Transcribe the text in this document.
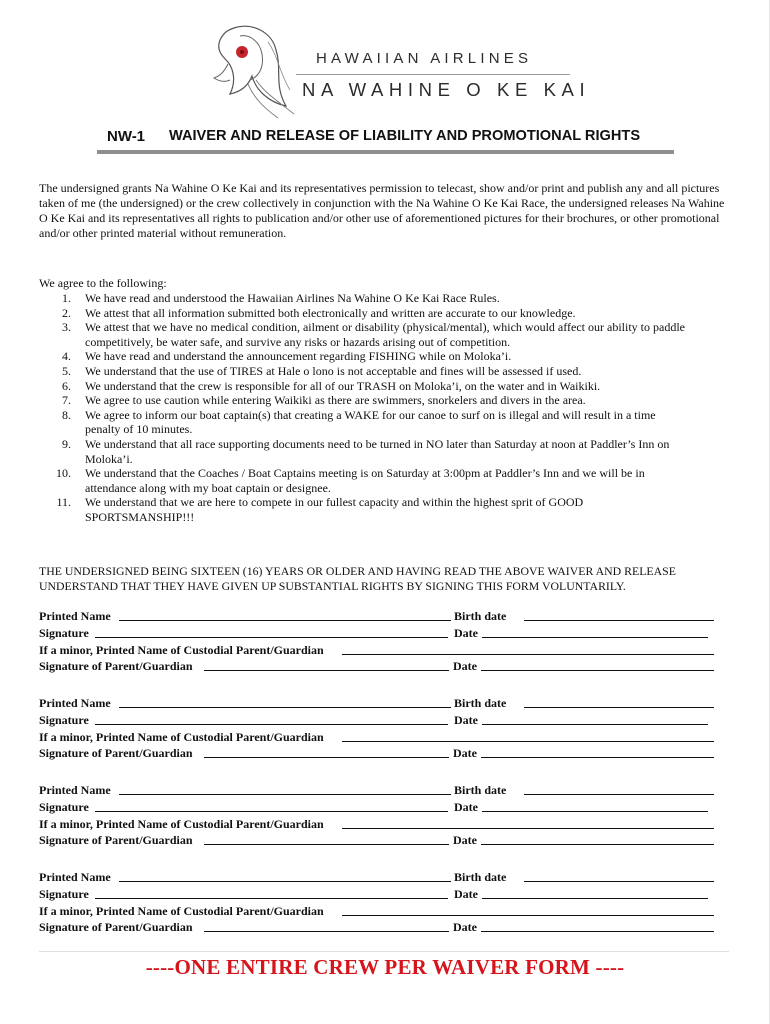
HAWAIIAN AIRLINES
NA WAHINE O KE KAI
NW-1 WAIVER AND RELEASE OF LIABILITY AND PROMOTIONAL RIGHTS
The undersigned grants Na Wahine O Ke Kai and its representatives permission to telecast, show and/or print and publish any and all pictures
taken of me (the undersigned) or the crew collectively in conjunction with the Na Wahine O Ke Kai Race, the undersigned releases Na Wahine
O Ke Kai and its representatives all rights to publication and/or other use of aforementioned pictures for their brochures, or other promotional
and/or other printed material without remuneration.
We agree to the following:
1. We have read and understood the Hawaiian Airlines Na Wahine O Ke Kai Race Rules.
2. We attest that all information submitted both electronically and written are accurate to our knowledge.
3. We attest that we have no medical condition, ailment or disability (physical/mental), which would affect our ability to paddle
competitively, be water safe, and survive any risks or hazards arising out of competition.
4. We have read and understand the announcement regarding FISHING while on Moloka’i.
5. We understand that the use of TIRES at Hale o lono is not acceptable and fines will be assessed if used.
6. We understand that the crew is responsible for all of our TRASH on Moloka’i, on the water and in Waikiki.
7. We agree to use caution while entering Waikiki as there are swimmers, snorkelers and divers in the area.
8. We agree to inform our boat captain(s) that creating a WAKE for our canoe to surf on is illegal and will result in a time
penalty of 10 minutes.
9. We understand that all race supporting documents need to be turned in NO later than Saturday at noon at Paddler’s Inn on
Moloka’i.
10. We understand that the Coaches / Boat Captains meeting is on Saturday at 3:00pm at Paddler’s Inn and we will be in
attendance along with my boat captain or designee.
11. We understand that we are here to compete in our fullest capacity and within the highest sprit of GOOD
SPORTSMANSHIP!!!
THE UNDERSIGNED BEING SIXTEEN (16) YEARS OR OLDER AND HAVING READ THE ABOVE WAIVER AND RELEASE
UNDERSTAND THAT THEY HAVE GIVEN UP SUBSTANTIAL RIGHTS BY SIGNING THIS FORM VOLUNTARILY.
Printed Name	Birth date
Signature	Date
If a minor, Printed Name of Custodial Parent/Guardian
Signature of Parent/Guardian	Date
Printed Name	Birth date
Signature	Date
If a minor, Printed Name of Custodial Parent/Guardian
Signature of Parent/Guardian	Date
Printed Name	Birth date
Signature	Date
If a minor, Printed Name of Custodial Parent/Guardian
Signature of Parent/Guardian	Date
Printed Name	Birth date
Signature	Date
If a minor, Printed Name of Custodial Parent/Guardian
Signature of Parent/Guardian	Date
----ONE ENTIRE CREW PER WAIVER FORM ----
